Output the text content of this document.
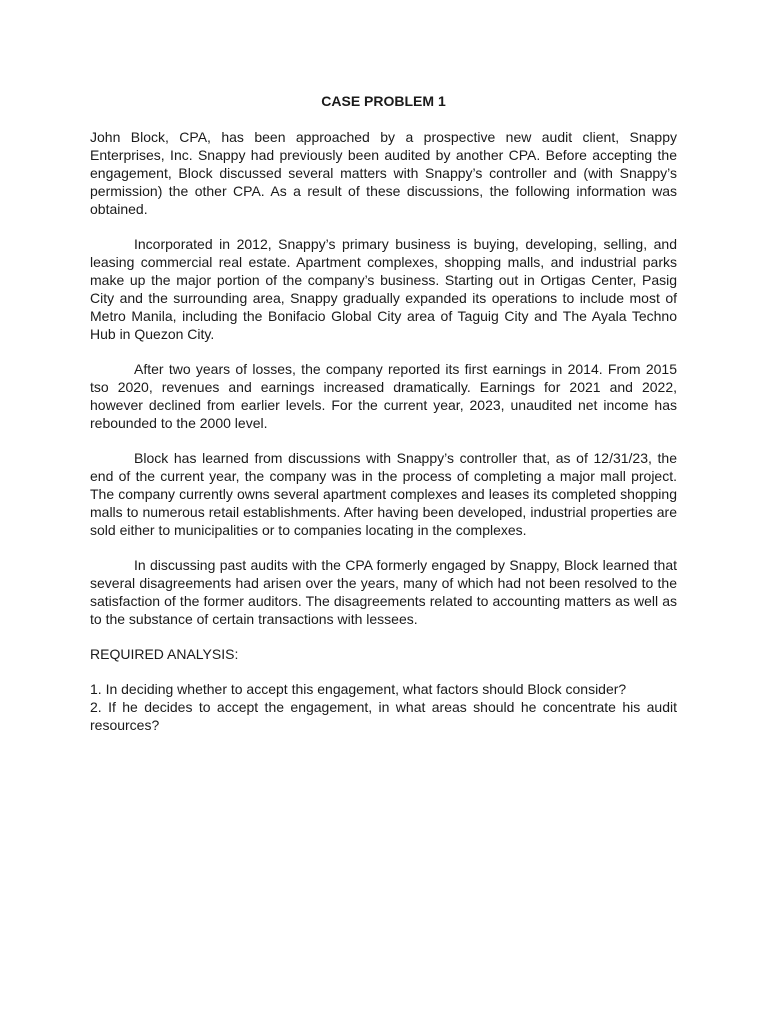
CASE PROBLEM 1

John Block, CPA, has been approached by a prospective new audit client, Snappy Enterprises, Inc. Snappy had previously been audited by another CPA. Before accepting the engagement, Block discussed several matters with Snappy’s controller and (with Snappy’s permission) the other CPA. As a result of these discussions, the following information was obtained.

Incorporated in 2012, Snappy’s primary business is buying, developing, selling, and leasing commercial real estate. Apartment complexes, shopping malls, and industrial parks make up the major portion of the company’s business. Starting out in Ortigas Center, Pasig City and the surrounding area, Snappy gradually expanded its operations to include most of Metro Manila, including the Bonifacio Global City area of Taguig City and The Ayala Techno Hub in Quezon City.

After two years of losses, the company reported its first earnings in 2014. From 2015 tso 2020, revenues and earnings increased dramatically. Earnings for 2021 and 2022, however declined from earlier levels. For the current year, 2023, unaudited net income has rebounded to the 2000 level.

Block has learned from discussions with Snappy’s controller that, as of 12/31/23, the end of the current year, the company was in the process of completing a major mall project. The company currently owns several apartment complexes and leases its completed shopping malls to numerous retail establishments. After having been developed, industrial properties are sold either to municipalities or to companies locating in the complexes.

In discussing past audits with the CPA formerly engaged by Snappy, Block learned that several disagreements had arisen over the years, many of which had not been resolved to the satisfaction of the former auditors. The disagreements related to accounting matters as well as to the substance of certain transactions with lessees.

REQUIRED ANALYSIS:
1. In deciding whether to accept this engagement, what factors should Block consider?
2. If he decides to accept the engagement, in what areas should he concentrate his audit resources?
